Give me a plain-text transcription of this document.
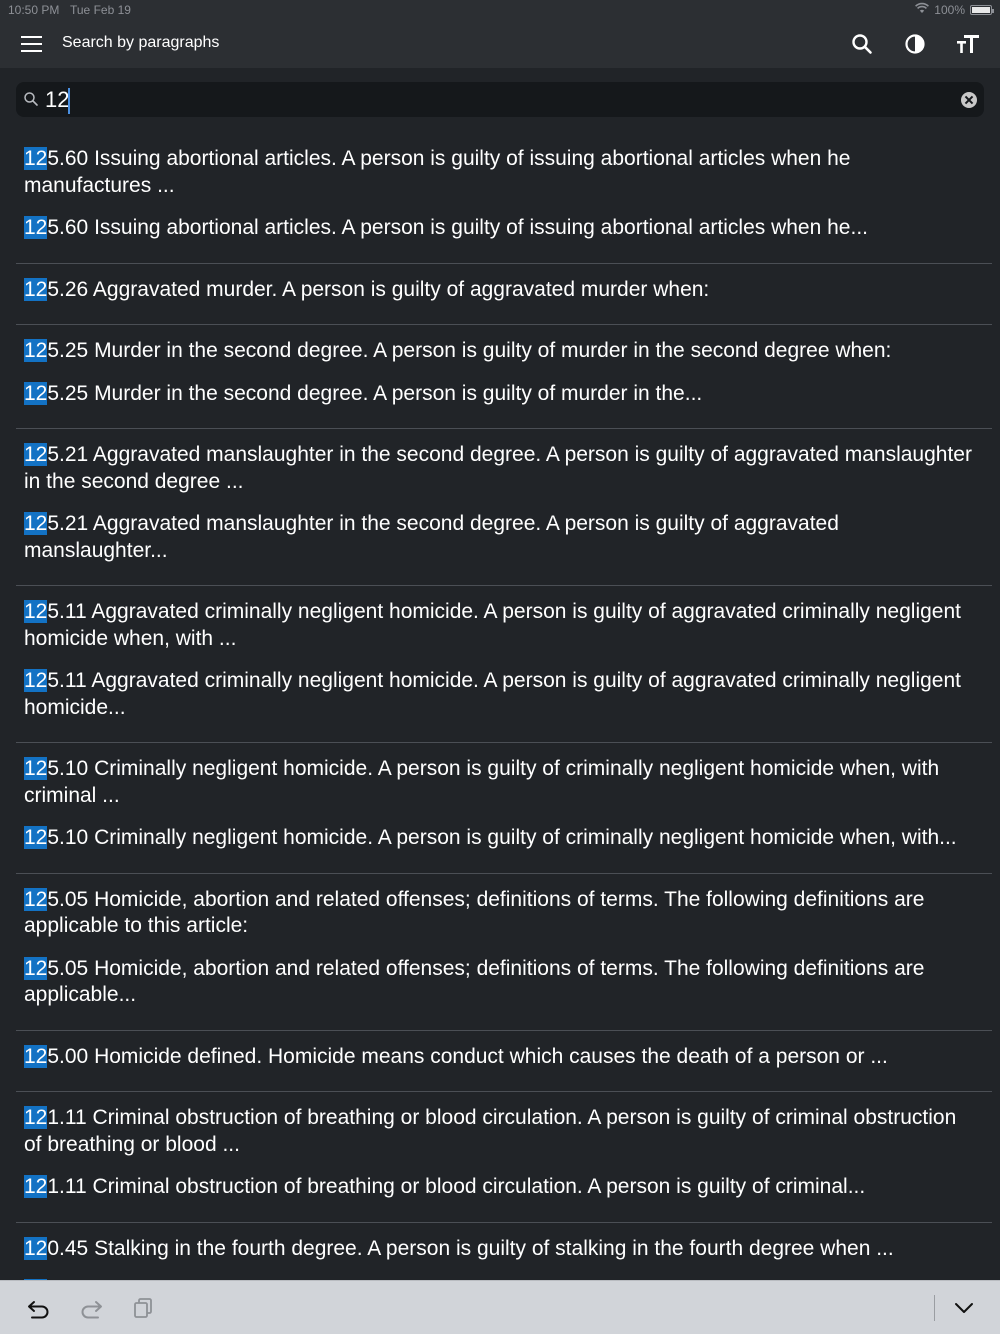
10:50 PM Tue Feb 19	100%
Search by paragraphs
12
125.60 Issuing abortional articles. A person is guilty of issuing abortional articles when he manufactures ...
125.60 Issuing abortional articles. A person is guilty of issuing abortional articles when he...
125.26 Aggravated murder. A person is guilty of aggravated murder when:
125.25 Murder in the second degree. A person is guilty of murder in the second degree when:
125.25 Murder in the second degree. A person is guilty of murder in the...
125.21 Aggravated manslaughter in the second degree. A person is guilty of aggravated manslaughter in the second degree ...
125.21 Aggravated manslaughter in the second degree. A person is guilty of aggravated manslaughter...
125.11 Aggravated criminally negligent homicide. A person is guilty of aggravated criminally negligent homicide when, with ...
125.11 Aggravated criminally negligent homicide. A person is guilty of aggravated criminally negligent homicide...
125.10 Criminally negligent homicide. A person is guilty of criminally negligent homicide when, with criminal ...
125.10 Criminally negligent homicide. A person is guilty of criminally negligent homicide when, with...
125.05 Homicide, abortion and related offenses; definitions of terms. The following definitions are applicable to this article:
125.05 Homicide, abortion and related offenses; definitions of terms. The following definitions are applicable...
125.00 Homicide defined. Homicide means conduct which causes the death of a person or ...
121.11 Criminal obstruction of breathing or blood circulation. A person is guilty of criminal obstruction of breathing or blood ...
121.11 Criminal obstruction of breathing or blood circulation. A person is guilty of criminal...
120.45 Stalking in the fourth degree. A person is guilty of stalking in the fourth degree when ...
